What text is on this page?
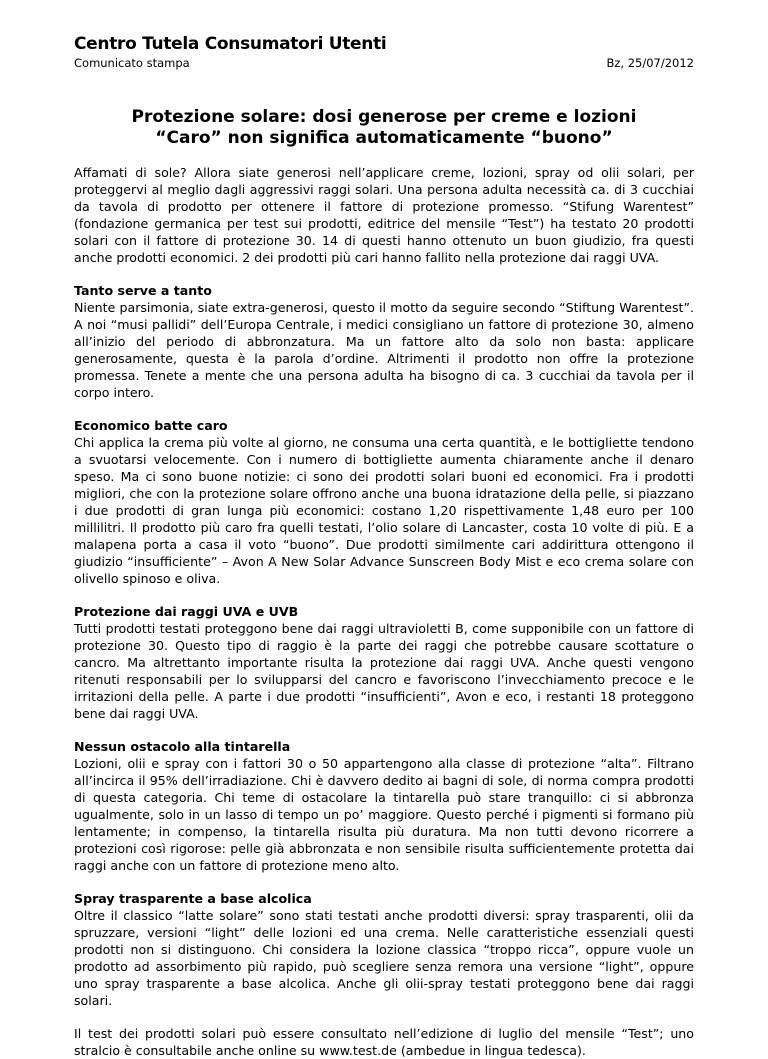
Centro Tutela Consumatori Utenti
Comunicato stampa	Bz, 25/07/2012
Protezione solare: dosi generose per creme e lozioni
“Caro” non significa automaticamente “buono”

Affamati di sole? Allora siate generosi nell’applicare creme, lozioni, spray od olii solari, per proteggervi al meglio dagli aggressivi raggi solari. Una persona adulta necessità ca. di 3 cucchiai da tavola di prodotto per ottenere il fattore di protezione promesso. “Stifung Warentest” (fondazione germanica per test sui prodotti, editrice del mensile “Test”) ha testato 20 prodotti solari con il fattore di protezione 30. 14 di questi hanno ottenuto un buon giudizio, fra questi anche prodotti economici. 2 dei prodotti più cari hanno fallito nella protezione dai raggi UVA.

Tanto serve a tanto

Niente parsimonia, siate extra-generosi, questo il motto da seguire secondo “Stiftung Warentest”. A noi “musi pallidi” dell’Europa Centrale, i medici consigliano un fattore di protezione 30, almeno all’inizio del periodo di abbronzatura. Ma un fattore alto da solo non basta: applicare generosamente, questa è la parola d’ordine. Altrimenti il prodotto non offre la protezione promessa. Tenete a mente che una persona adulta ha bisogno di ca. 3 cucchiai da tavola per il corpo intero.

Economico batte caro

Chi applica la crema più volte al giorno, ne consuma una certa quantità, e le bottigliette tendono a svuotarsi velocemente. Con i numero di bottigliette aumenta chiaramente anche il denaro speso. Ma ci sono buone notizie: ci sono dei prodotti solari buoni ed economici. Fra i prodotti migliori, che con la protezione solare offrono anche una buona idratazione della pelle, si piazzano i due prodotti di gran lunga più economici: costano 1,20 rispettivamente 1,48 euro per 100 millilitri. Il prodotto più caro fra quelli testati, l’olio solare di Lancaster, costa 10 volte di più. E a malapena porta a casa il voto “buono”. Due prodotti similmente cari addirittura ottengono il giudizio “insufficiente” – Avon A New Solar Advance Sunscreen Body Mist e eco crema solare con olivello spinoso e oliva.

Protezione dai raggi UVA e UVB

Tutti prodotti testati proteggono bene dai raggi ultravioletti B, come supponibile con un fattore di protezione 30. Questo tipo di raggio è la parte dei raggi che potrebbe causare scottature o cancro. Ma altrettanto importante risulta la protezione dai raggi UVA. Anche questi vengono ritenuti responsabili per lo svilupparsi del cancro e favoriscono l’invecchiamento precoce e le irritazioni della pelle. A parte i due prodotti “insufficienti”, Avon e eco, i restanti 18 proteggono bene dai raggi UVA.

Nessun ostacolo alla tintarella

Lozioni, olii e spray con i fattori 30 o 50 appartengono alla classe di protezione “alta”. Filtrano all’incirca il 95% dell’irradiazione. Chi è davvero dedito ai bagni di sole, di norma compra prodotti di questa categoria. Chi teme di ostacolare la tintarella può stare tranquillo: ci si abbronza ugualmente, solo in un lasso di tempo un po’ maggiore. Questo perché i pigmenti si formano più lentamente; in compenso, la tintarella risulta più duratura. Ma non tutti devono ricorrere a protezioni così rigorose: pelle già abbronzata e non sensibile risulta sufficientemente protetta dai raggi anche con un fattore di protezione meno alto.

Spray trasparente a base alcolica

Oltre il classico “latte solare” sono stati testati anche prodotti diversi: spray trasparenti, olii da spruzzare, versioni “light” delle lozioni ed una crema. Nelle caratteristiche essenziali questi prodotti non si distinguono. Chi considera la lozione classica “troppo ricca”, oppure vuole un prodotto ad assorbimento più rapido, può scegliere senza remora una versione “light”, oppure uno spray trasparente a base alcolica. Anche gli olii-spray testati proteggono bene dai raggi solari.

Il test dei prodotti solari può essere consultato nell’edizione di luglio del mensile “Test”; uno stralcio è consultabile anche online su www.test.de (ambedue in lingua tedesca).
